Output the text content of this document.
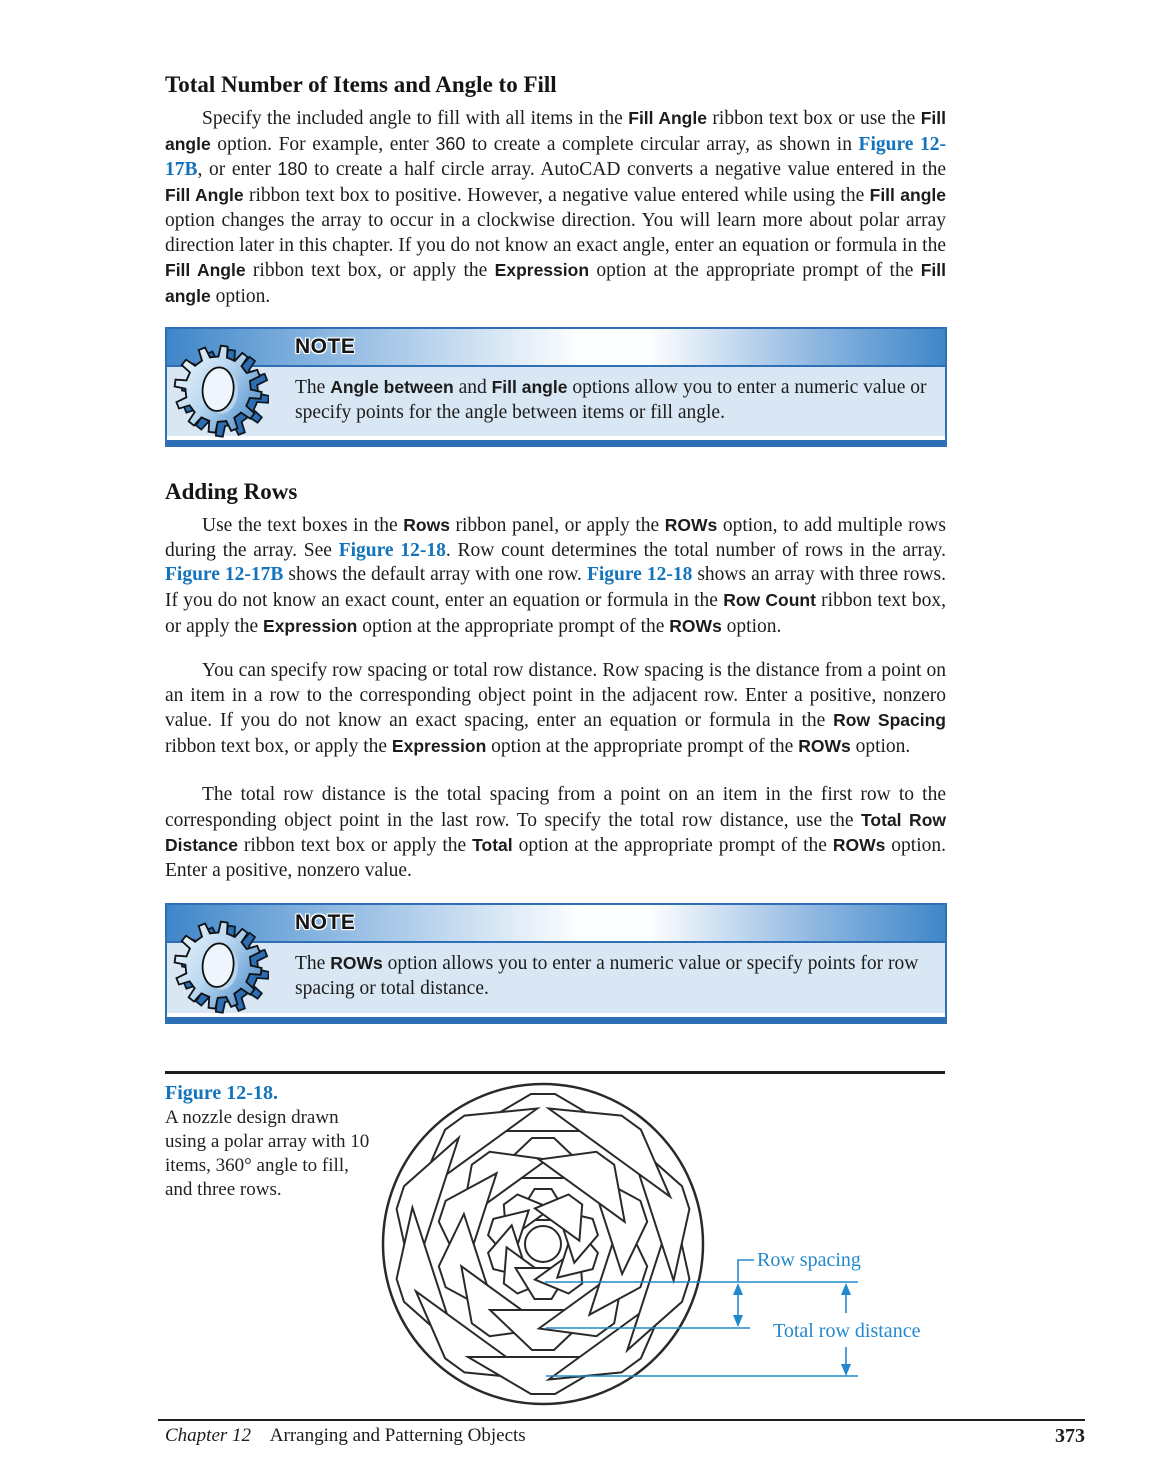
Total Number of Items and Angle to Fill

Specify the included angle to fill with all items in the Fill Angle ribbon text box or use the Fill angle option. For example, enter 360 to create a complete circular array, as shown in Figure 12-17B, or enter 180 to create a half circle array. AutoCAD converts a negative value entered in the Fill Angle ribbon text box to positive. However, a negative value entered while using the Fill angle option changes the array to occur in a clockwise direction. You will learn more about polar array direction later in this chapter. If you do not know an exact angle, enter an equation or formula in the Fill Angle ribbon text box, or apply the Expression option at the appropriate prompt of the Fill angle option.

NOTE
The Angle between and Fill angle options allow you to enter a numeric value or specify points for the angle between items or fill angle.
Adding Rows

Use the text boxes in the Rows ribbon panel, or apply the ROWs option, to add multiple rows during the array. See Figure 12-18. Row count determines the total number of rows in the array. Figure 12-17B shows the default array with one row. Figure 12-18 shows an array with three rows. If you do not know an exact count, enter an equation or formula in the Row Count ribbon text box, or apply the Expression option at the appropriate prompt of the ROWs option.

You can specify row spacing or total row distance. Row spacing is the distance from a point on an item in a row to the corresponding object point in the adjacent row. Enter a positive, nonzero value. If you do not know an exact spacing, enter an equation or formula in the Row Spacing ribbon text box, or apply the Expression option at the appropriate prompt of the ROWs option.

The total row distance is the total spacing from a point on an item in the first row to the corresponding object point in the last row. To specify the total row distance, use the Total Row Distance ribbon text box or apply the Total option at the appropriate prompt of the ROWs option. Enter a positive, nonzero value.

NOTE
The ROWs option allows you to enter a numeric value or specify points for row spacing or total distance.
Figure 12-18.
A nozzle design drawn using a polar array with 10 items, 360° angle to fill, and three rows.
Row spacing
Total row distance
373
Chapter 12 Arranging and Patterning Objects
